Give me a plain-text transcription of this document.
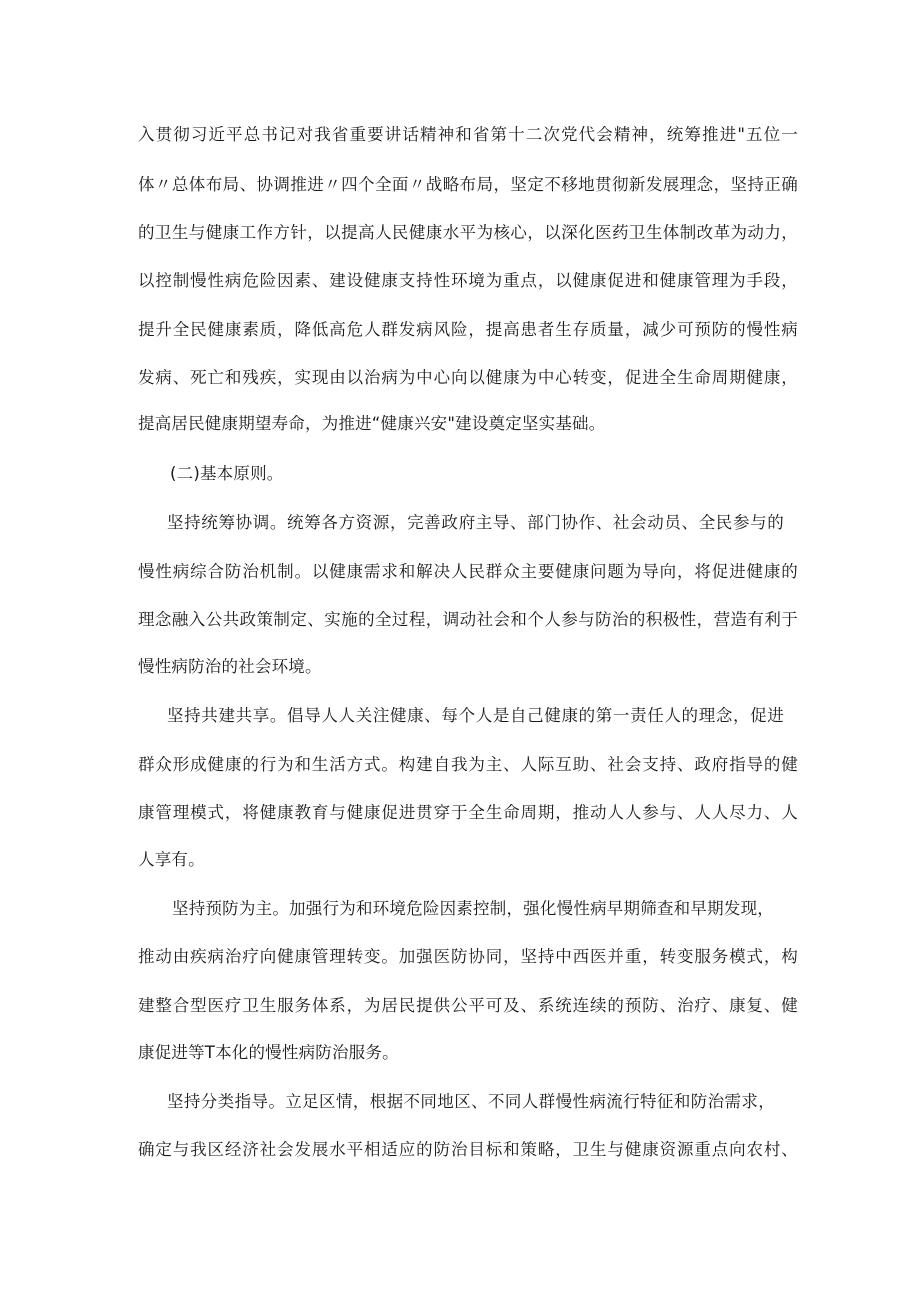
入贯彻习近平总书记对我省重要讲话精神和省第十二次党代会精神，统筹推进"五位一
体〃总体布局、协调推进〃四个全面〃战略布局，坚定不移地贯彻新发展理念，坚持正确
的卫生与健康工作方针，以提高人民健康水平为核心，以深化医药卫生体制改革为动力，
以控制慢性病危险因素、建设健康支持性环境为重点，以健康促进和健康管理为手段，
提升全民健康素质，降低高危人群发病风险，提高患者生存质量，减少可预防的慢性病
发病、死亡和残疾，实现由以治病为中心向以健康为中心转变，促进全生命周期健康，
提高居民健康期望寿命，为推进“健康兴安"建设奠定坚实基础。
(二)基本原则。
坚持统筹协调。统筹各方资源，完善政府主导、部门协作、社会动员、全民参与的
慢性病综合防治机制。以健康需求和解决人民群众主要健康问题为导向，将促进健康的
理念融入公共政策制定、实施的全过程，调动社会和个人参与防治的积极性，营造有利于
慢性病防治的社会环境。
坚持共建共享。倡导人人关注健康、每个人是自己健康的第一责任人的理念，促进
群众形成健康的行为和生活方式。构建自我为主、人际互助、社会支持、政府指导的健
康管理模式，将健康教育与健康促进贯穿于全生命周期，推动人人参与、人人尽力、人
人享有。
坚持预防为主。加强行为和环境危险因素控制，强化慢性病早期筛查和早期发现，
推动由疾病治疗向健康管理转变。加强医防协同，坚持中西医并重，转变服务模式，构
建整合型医疗卫生服务体系，为居民提供公平可及、系统连续的预防、治疗、康复、健
康促进等T本化的慢性病防治服务。
坚持分类指导。立足区情，根据不同地区、不同人群慢性病流行特征和防治需求，
确定与我区经济社会发展水平相适应的防治目标和策略，卫生与健康资源重点向农村、
